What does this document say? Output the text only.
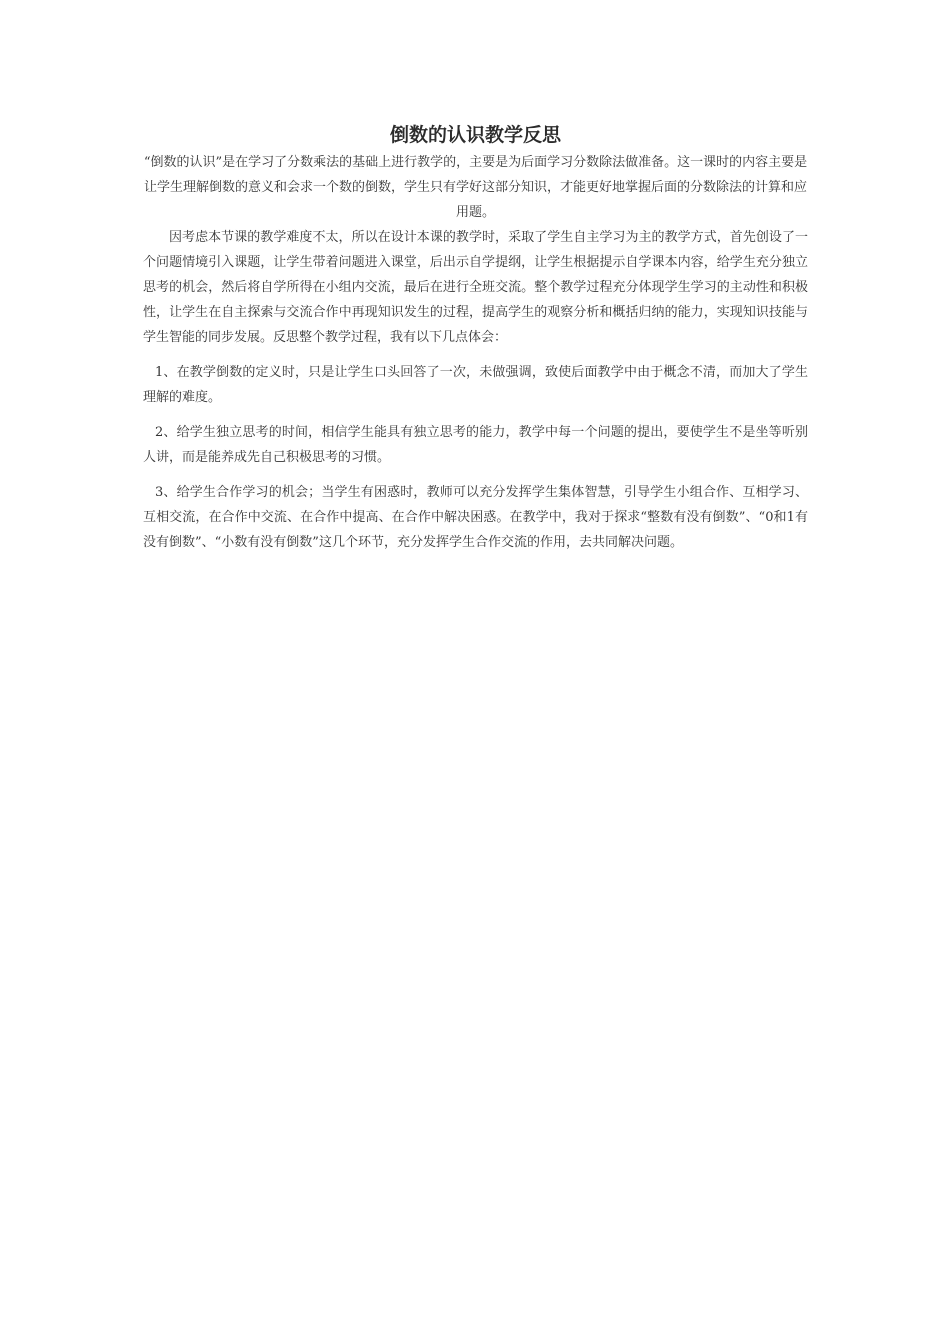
倒数的认识教学反思

“倒数的认识”是在学习了分数乘法的基础上进行教学的，主要是为后面学习分数除法做准备。这一课时的内容主要是让学生理解倒数的意义和会求一个数的倒数，学生只有学好这部分知识，才能更好地掌握后面的分数除法的计算和应用题。

因考虑本节课的教学难度不太，所以在设计本课的教学时，采取了学生自主学习为主的教学方式，首先创设了一个问题情境引入课题，让学生带着问题进入课堂，后出示自学提纲，让学生根据提示自学课本内容，给学生充分独立思考的机会，然后将自学所得在小组内交流，最后在进行全班交流。整个教学过程充分体现学生学习的主动性和积极性，让学生在自主探索与交流合作中再现知识发生的过程，提高学生的观察分析和概括归纳的能力，实现知识技能与学生智能的同步发展。反思整个教学过程，我有以下几点体会：

1、在教学倒数的定义时，只是让学生口头回答了一次，未做强调，致使后面教学中由于概念不清，而加大了学生理解的难度。

2、给学生独立思考的时间，相信学生能具有独立思考的能力，教学中每一个问题的提出，要使学生不是坐等听别人讲，而是能养成先自己积极思考的习惯。

3、给学生合作学习的机会；当学生有困惑时，教师可以充分发挥学生集体智慧，引导学生小组合作、互相学习、互相交流，在合作中交流、在合作中提高、在合作中解决困惑。在教学中，我对于探求“整数有没有倒数”、“0和1有没有倒数”、“小数有没有倒数”这几个环节，充分发挥学生合作交流的作用，去共同解决问题。
